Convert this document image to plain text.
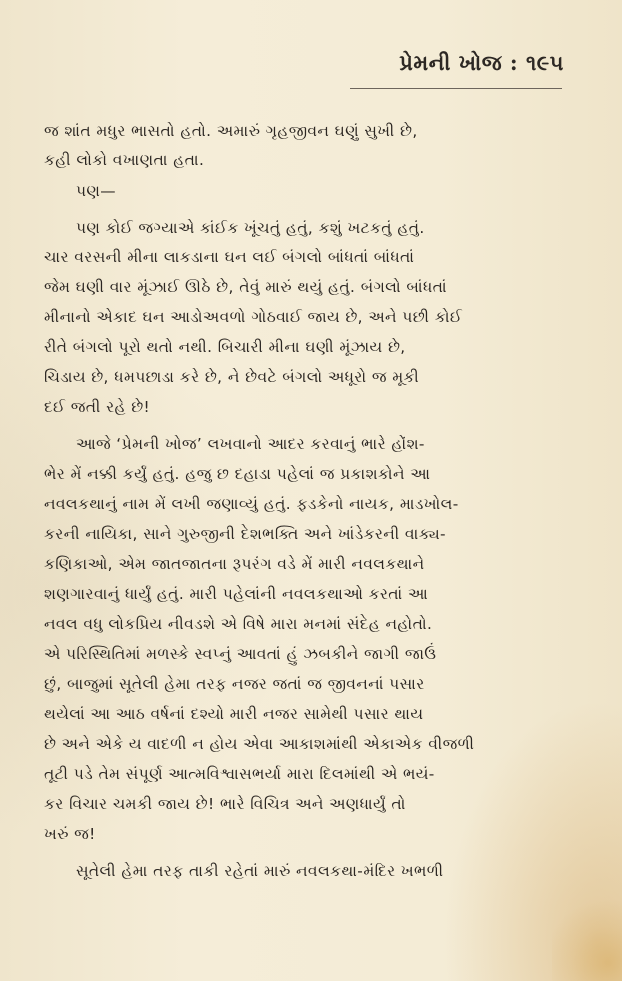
પ્રેમની ખોજ : ૧૯૫
જ શાંત મધુર ભાસતો હતો. અમારું ગૃહજીવન ઘણું સુખી છે,
કહી લોકો વખાણતા હતા.
પણ—
પણ કોઈ જગ્યાએ કાંઈક ખૂંચતું હતું, કશું ખટકતું હતું.
ચાર વરસની મીના લાકડાના ઘન લઈ બંગલો બાંધતાં બાંધતાં
જેમ ઘણી વાર મૂંઝાઈ ઊઠે છે, તેવું મારું થયું હતું. બંગલો બાંધતાં
મીનાનો એકાદ ઘન આડોઅવળો ગોઠવાઈ જાય છે, અને પછી કોઈ
રીતે બંગલો પૂરો થતો નથી. બિચારી મીના ઘણી મૂંઝાય છે,
ચિડાય છે, ધમપછાડા કરે છે, ને છેવટે બંગલો અધૂરો જ મૂકી
દઈ જતી રહે છે!
આજે ‘પ્રેમની ખોજ’ લખવાનો આદર કરવાનું ભારે હોંશ-
ભેર મેં નક્કી કર્યું હતું. હજુ છ દહાડા પહેલાં જ પ્રકાશકોને આ
નવલકથાનું નામ મેં લખી જણાવ્યું હતું. ફડકેનો નાયક, માડખોલ-
કરની નાયિકા, સાને ગુરુજીની દેશભક્તિ અને ખાંડેકરની વાક્ય-
કણિકાઓ, એમ જાતજાતના રૂપરંગ વડે મેં મારી નવલકથાને
શણગારવાનું ધાર્યું હતું. મારી પહેલાંની નવલકથાઓ કરતાં આ
નવલ વધુ લોકપ્રિય નીવડશે એ વિષે મારા મનમાં સંદેહ નહોતો.
એ પરિસ્થિતિમાં મળસ્કે સ્વપ્નું આવતાં હું ઝબકીને જાગી જાઉં
છું, બાજુમાં સૂતેલી હેમા તરફ નજર જતાં જ જીવનનાં પસાર
થયેલાં આ આઠ વર્ષનાં દશ્યો મારી નજર સામેથી પસાર થાય
છે અને એકે ય વાદળી ન હોય એવા આકાશમાંથી એકાએક વીજળી
તૂટી પડે તેમ સંપૂર્ણ આત્મવિશ્વાસભર્યા મારા દિલમાંથી એ ભયં-
કર વિચાર ચમકી જાય છે! ભારે વિચિત્ર અને અણધાર્યું તો
ખરું જ!
સૂતેલી હેમા તરફ તાકી રહેતાં મારું નવલકથા-મંદિર ખભળી
